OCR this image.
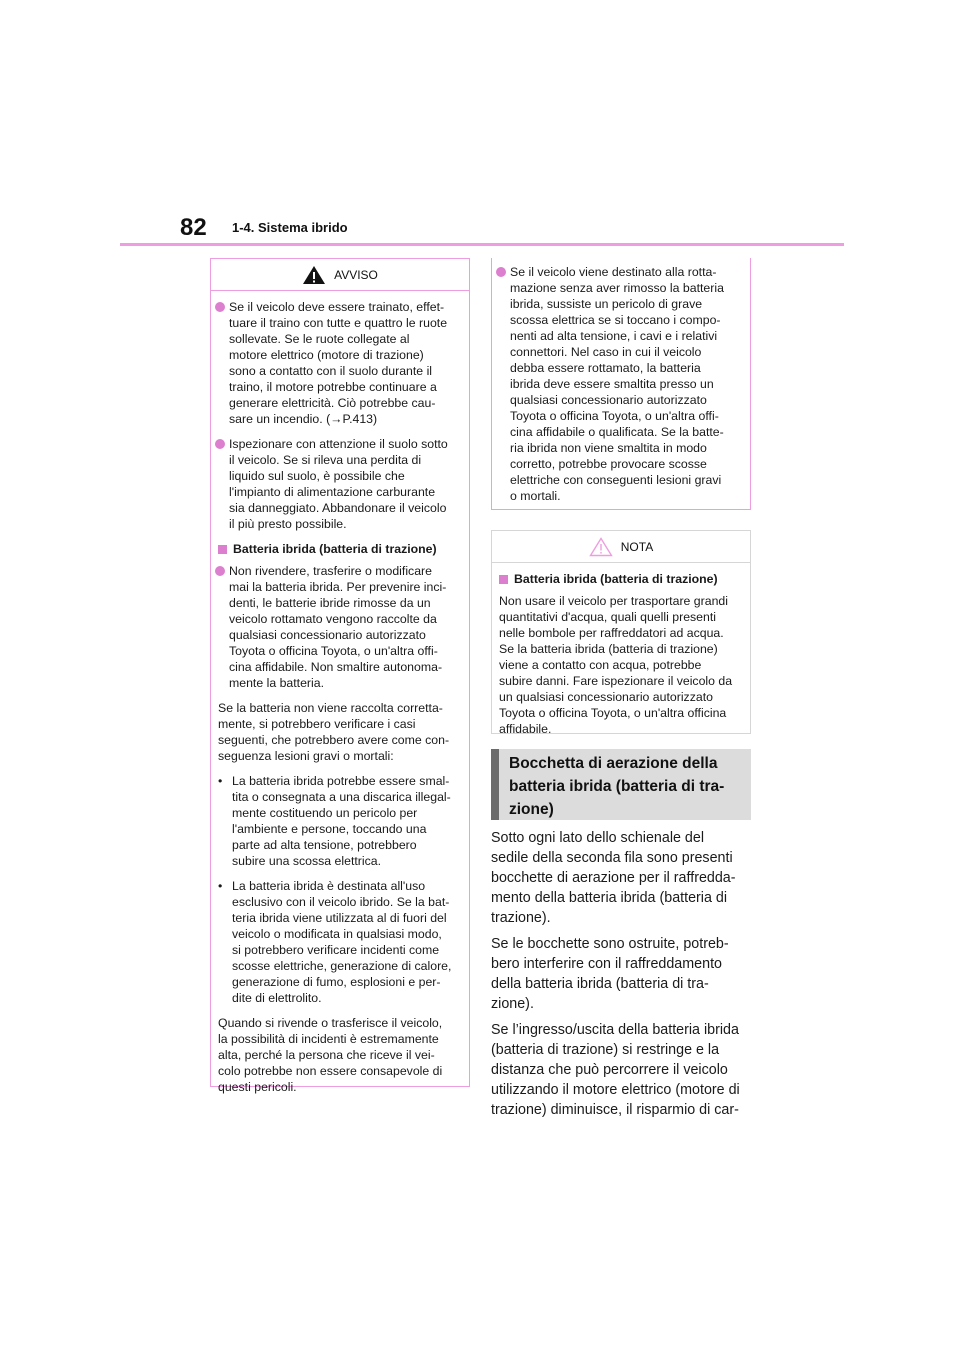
82 1-4. Sistema ibrido
AVVISO
Se il veicolo deve essere trainato, effet-
tuare il traino con tutte e quattro le ruote
sollevate. Se le ruote collegate al
motore elettrico (motore di trazione)
sono a contatto con il suolo durante il
traino, il motore potrebbe continuare a
generare elettricità. Ciò potrebbe cau-
sare un incendio. (→P.413)
Ispezionare con attenzione il suolo sotto
il veicolo. Se si rileva una perdita di
liquido sul suolo, è possibile che
l'impianto di alimentazione carburante
sia danneggiato. Abbandonare il veicolo
il più presto possibile.
Batteria ibrida (batteria di trazione)
Non rivendere, trasferire o modificare
mai la batteria ibrida. Per prevenire inci-
denti, le batterie ibride rimosse da un
veicolo rottamato vengono raccolte da
qualsiasi concessionario autorizzato
Toyota o officina Toyota, o un'altra offi-
cina affidabile. Non smaltire autonoma-
mente la batteria.
Se la batteria non viene raccolta corretta-
mente, si potrebbero verificare i casi
seguenti, che potrebbero avere come con-
seguenza lesioni gravi o mortali:
• La batteria ibrida potrebbe essere smal-
tita o consegnata a una discarica illegal-
mente costituendo un pericolo per
l'ambiente e persone, toccando una
parte ad alta tensione, potrebbero
subire una scossa elettrica.
• La batteria ibrida è destinata all'uso
esclusivo con il veicolo ibrido. Se la bat-
teria ibrida viene utilizzata al di fuori del
veicolo o modificata in qualsiasi modo,
si potrebbero verificare incidenti come
scosse elettriche, generazione di calore,
generazione di fumo, esplosioni e per-
dite di elettrolito.
Quando si rivende o trasferisce il veicolo,
la possibilità di incidenti è estremamente
alta, perché la persona che riceve il vei-
colo potrebbe non essere consapevole di
questi pericoli.
Se il veicolo viene destinato alla rotta-
mazione senza aver rimosso la batteria
ibrida, sussiste un pericolo di grave
scossa elettrica se si toccano i compo-
nenti ad alta tensione, i cavi e i relativi
connettori. Nel caso in cui il veicolo
debba essere rottamato, la batteria
ibrida deve essere smaltita presso un
qualsiasi concessionario autorizzato
Toyota o officina Toyota, o un'altra offi-
cina affidabile o qualificata. Se la batte-
ria ibrida non viene smaltita in modo
corretto, potrebbe provocare scosse
elettriche con conseguenti lesioni gravi
o mortali.
NOTA
Batteria ibrida (batteria di trazione)
Non usare il veicolo per trasportare grandi
quantitativi d'acqua, quali quelli presenti
nelle bombole per raffreddatori ad acqua.
Se la batteria ibrida (batteria di trazione)
viene a contatto con acqua, potrebbe
subire danni. Fare ispezionare il veicolo da
un qualsiasi concessionario autorizzato
Toyota o officina Toyota, o un'altra officina
affidabile.
Bocchetta di aerazione della
batteria ibrida (batteria di tra-
zione)

Sotto ogni lato dello schienale del
sedile della seconda fila sono presenti
bocchette di aerazione per il raffredda-
mento della batteria ibrida (batteria di
trazione).

Se le bocchette sono ostruite, potreb-
bero interferire con il raffreddamento
della batteria ibrida (batteria di tra-
zione).

Se l’ingresso/uscita della batteria ibrida
(batteria di trazione) si restringe e la
distanza che può percorrere il veicolo
utilizzando il motore elettrico (motore di
trazione) diminuisce, il risparmio di car-
